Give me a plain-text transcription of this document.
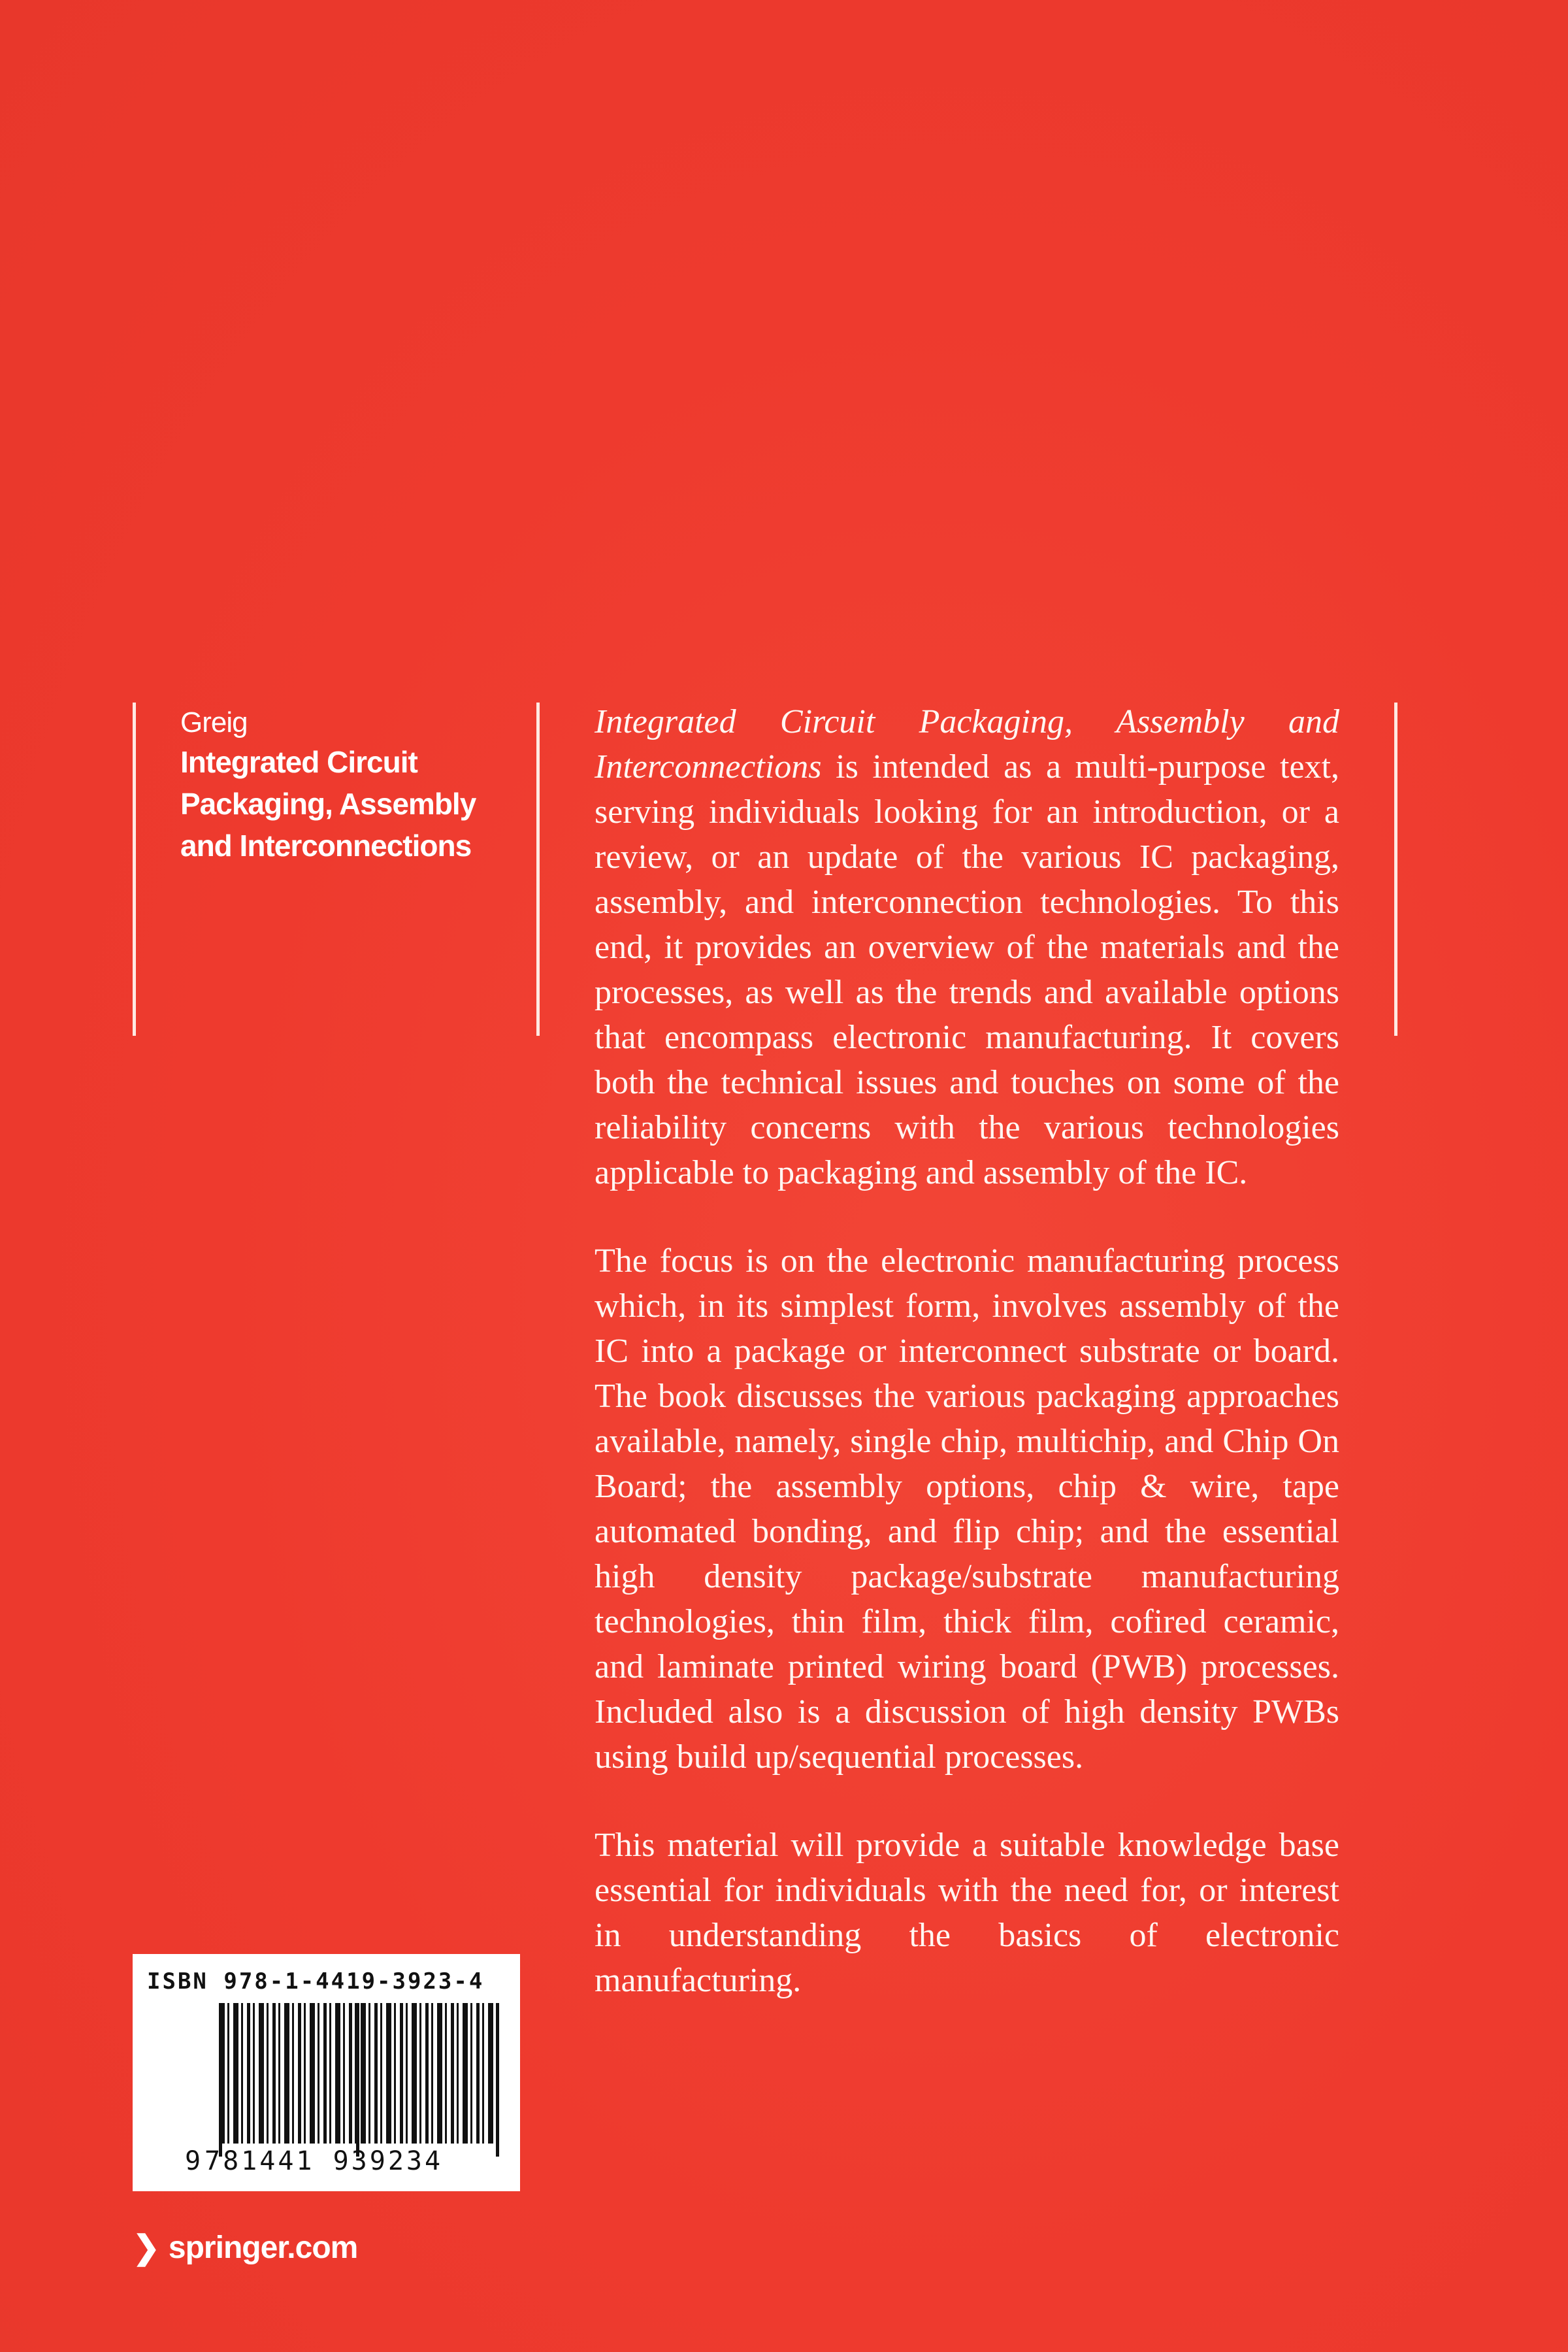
Greig
Integrated Circuit
Packaging, Assembly
and Interconnections

Integrated Circuit Packaging, Assembly and Interconnections is intended as a multi-purpose text, serving individuals looking for an introduction, or a review, or an update of the various IC packaging, assembly, and interconnection technologies. To this end, it provides an overview of the materials and the processes, as well as the trends and available options that encompass electronic manufacturing. It covers both the technical issues and touches on some of the reliability concerns with the various technologies applicable to packaging and assembly of the IC.

The focus is on the electronic manufacturing process which, in its simplest form, involves assembly of the IC into a package or interconnect substrate or board. The book discusses the various packaging approaches available, namely, single chip, multichip, and Chip On Board; the assembly options, chip & wire, tape automated bonding, and flip chip; and the essential high density package/substrate manufacturing technologies, thin film, thick film, cofired ceramic, and laminate printed wiring board (PWB) processes. Included also is a discussion of high density PWBs using build up/sequential processes.

This material will provide a suitable knowledge base essential for individuals with the need for, or interest in understanding the basics of electronic manufacturing.

ISBN 978-1-4419-3923-4
9 781441 939234
❯ springer.com
